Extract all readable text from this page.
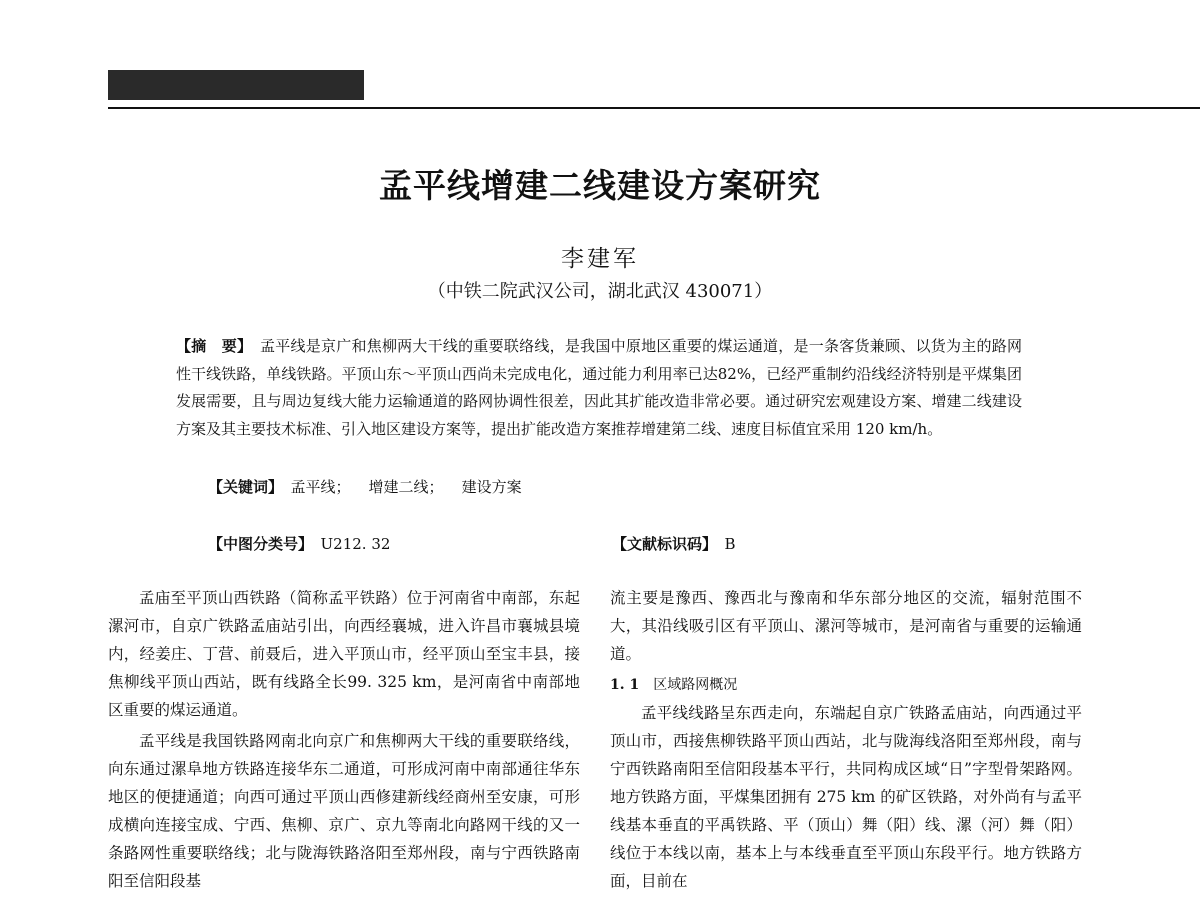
孟平线增建二线建设方案研究
李建军
（中铁二院武汉公司，湖北武汉 430071）

【摘　要】　 孟平线是京广和焦柳两大干线的重要联络线，是我国中原地区重要的煤运通道，是一条客货兼顾、以货为主的路网性干线铁路，单线铁路。平顶山东～平顶山西尚未完成电化，通过能力利用率已达82%，已经严重制约沿线经济特别是平煤集团发展需要，且与周边复线大能力运输通道的路网协调性很差，因此其扩能改造非常必要。通过研究宏观建设方案、增建二线建设方案及其主要技术标准、引入地区建设方案等，提出扩能改造方案推荐增建第二线、速度目标值宜采用 120 km/h。

【关键词】　 孟平线； 增建二线； 建设方案
【中图分类号】　 U212. 32	【文献标识码】　 B

孟庙至平顶山西铁路（简称孟平铁路）位于河南省中南部，东起漯河市，自京广铁路孟庙站引出，向西经襄城，进入许昌市襄城县境内，经姜庄、丁营、前聂后，进入平顶山市，经平顶山至宝丰县，接焦柳线平顶山西站，既有线路全长99. 325 km，是河南省中南部地区重要的煤运通道。

孟平线是我国铁路网南北向京广和焦柳两大干线的重要联络线，向东通过漯阜地方铁路连接华东二通道，可形成河南中南部通往华东地区的便捷通道；向西可通过平顶山西修建新线经商州至安康，可形成横向连接宝成、宁西、焦柳、京广、京九等南北向路网干线的又一条路网性重要联络线；北与陇海铁路洛阳至郑州段，南与宁西铁路南阳至信阳段基

流主要是豫西、豫西北与豫南和华东部分地区的交流，辐射范围不大，其沿线吸引区有平顶山、漯河等城市，是河南省与重要的运输通道。

1. 1 区域路网概况

孟平线线路呈东西走向，东端起自京广铁路孟庙站，向西通过平顶山市，西接焦柳铁路平顶山西站，北与陇海线洛阳至郑州段，南与宁西铁路南阳至信阳段基本平行，共同构成区域“日”字型骨架路网。地方铁路方面，平煤集团拥有 275 km 的矿区铁路，对外尚有与孟平线基本垂直的平禹铁路、平（顶山）舞（阳）线、漯（河）舞（阳）线位于本线以南，基本上与本线垂直至平顶山东段平行。地方铁路方面，目前在
